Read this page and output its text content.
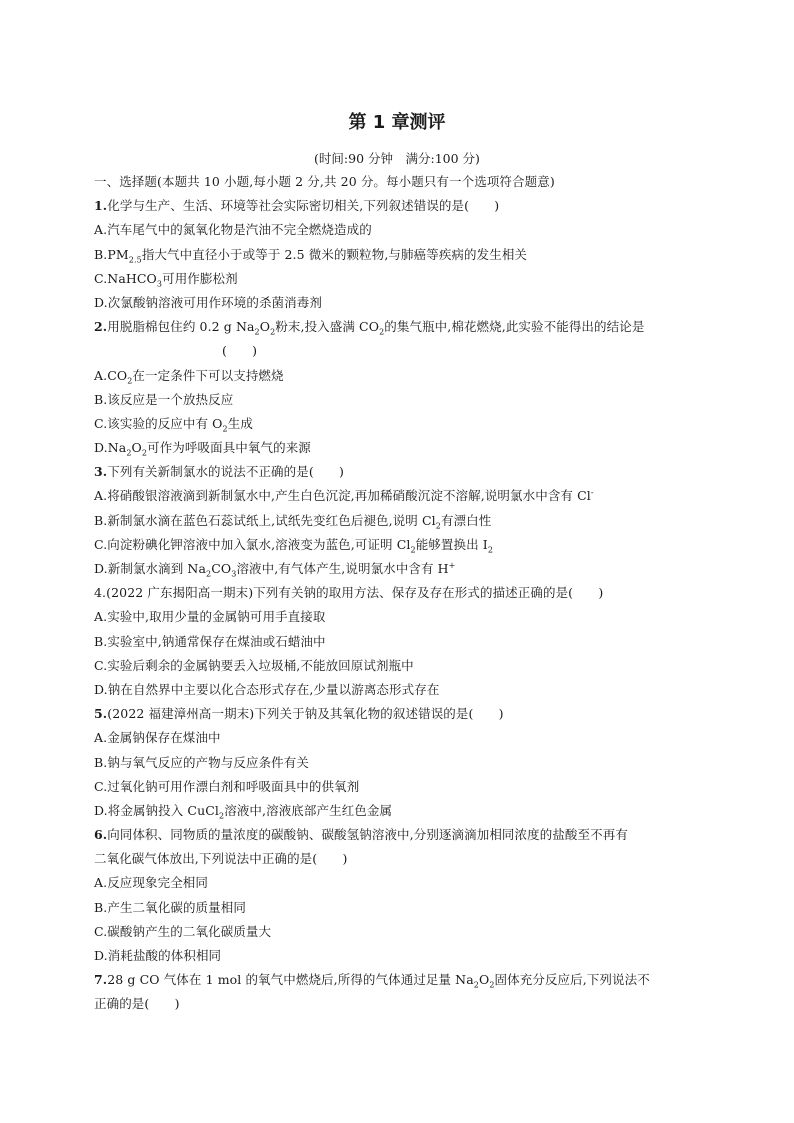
第 1 章测评
(时间:90 分钟　满分:100 分)
一、选择题(本题共 10 小题,每小题 2 分,共 20 分。每小题只有一个选项符合题意)
1.化学与生产、生活、环境等社会实际密切相关,下列叙述错误的是(　　)
A.汽车尾气中的氮氧化物是汽油不完全燃烧造成的
$B.PM_{2.5}$指大气中直径小于或等于 2.5 微米的颗粒物,与肺癌等疾病的发生相关
C.NaHCO$_3$可用作膨松剂
D.次氯酸钠溶液可用作环境的杀菌消毒剂
2.用脱脂棉包住约 0.2 g $Na_2O_2$粉末,投入盛满 $CO_2$的集气瓶中,棉花燃烧,此实验不能得出的结论是
(　　)
$A.CO_2$在一定条件下可以支持燃烧
B.该反应是一个放热反应
C.该实验的反应中有 $O_2$生成
$D.Na_2O_2$可作为呼吸面具中氧气的来源
3.下列有关新制氯水的说法不正确的是(　　)
A.将硝酸银溶液滴到新制氯水中,产生白色沉淀,再加稀硝酸沉淀不溶解,说明氯水中含有 Cl-
B.新制氯水滴在蓝色石蕊试纸上,试纸先变红色后褪色,说明 $Cl_2$有漂白性
C.向淀粉碘化钾溶液中加入氯水,溶液变为蓝色,可证明 $Cl_2$能够置换出 $I_2$
D.新制氯水滴到 $Na_2CO_3$溶液中,有气体产生,说明氯水中含有 H+
4.(2022 广东揭阳高一期末)下列有关钠的取用方法、保存及存在形式的描述正确的是(　　)
A.实验中,取用少量的金属钠可用手直接取
B.实验室中,钠通常保存在煤油或石蜡油中
C.实验后剩余的金属钠要丢入垃圾桶,不能放回原试剂瓶中
D.钠在自然界中主要以化合态形式存在,少量以游离态形式存在
5.(2022 福建漳州高一期末)下列关于钠及其氧化物的叙述错误的是(　　)
A.金属钠保存在煤油中
B.钠与氧气反应的产物与反应条件有关
C.过氧化钠可用作漂白剂和呼吸面具中的供氧剂
D.将金属钠投入 CuCl$_2$溶液中,溶液底部产生红色金属
6.向同体积、同物质的量浓度的碳酸钠、碳酸氢钠溶液中,分别逐滴滴加相同浓度的盐酸至不再有
二氧化碳气体放出,下列说法中正确的是(　　)
A.反应现象完全相同
B.产生二氧化碳的质量相同
C.碳酸钠产生的二氧化碳质量大
D.消耗盐酸的体积相同
7.28 g CO 气体在 1 mol 的氧气中燃烧后,所得的气体通过足量 $Na_2O_2$固体充分反应后,下列说法不
正确的是(　　)
